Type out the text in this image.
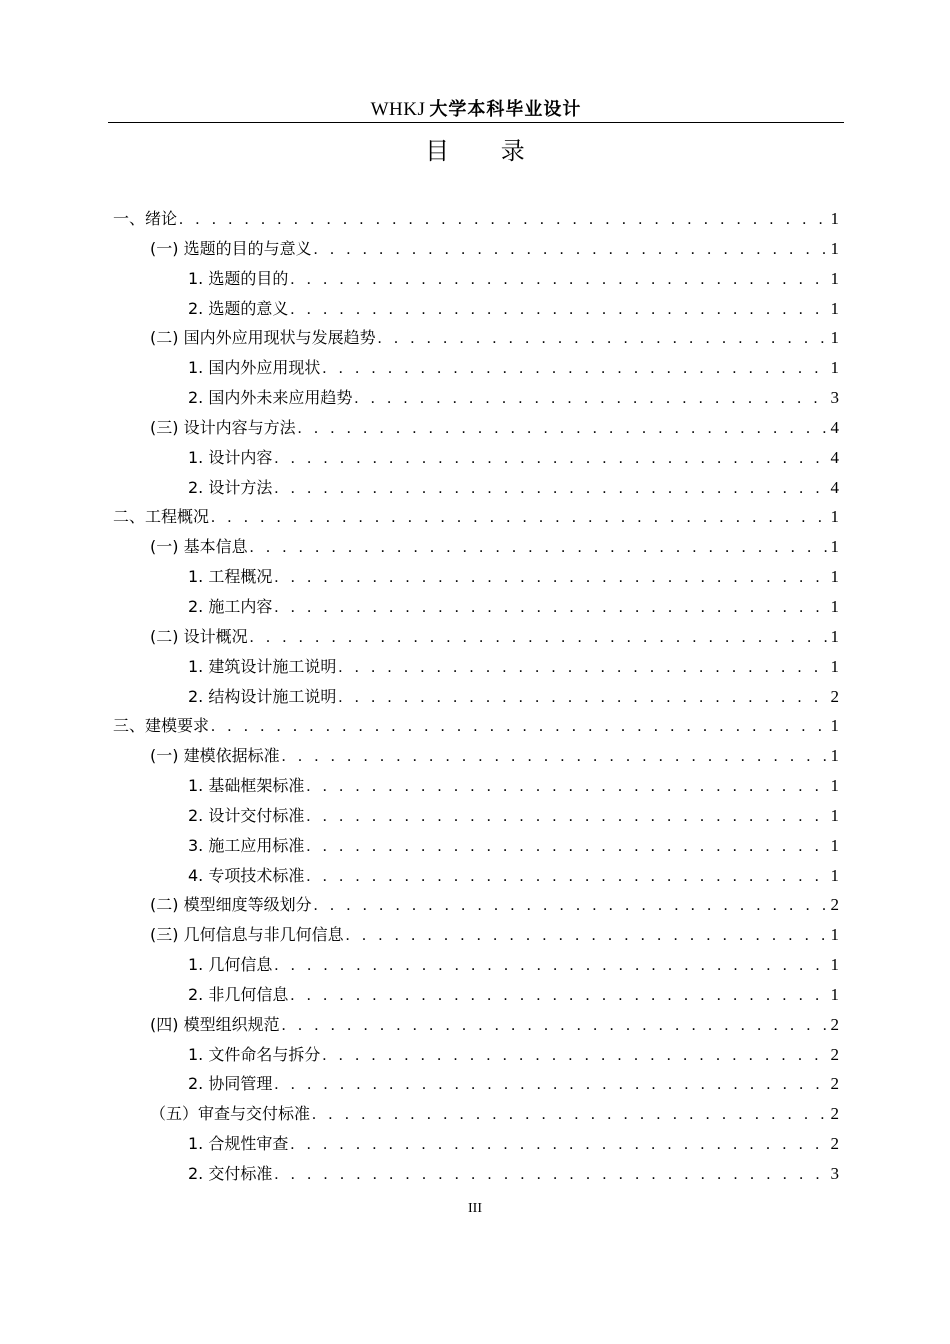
WHKJ 大学本科毕业设计
目 录
一、绪论 . . .	1
(一) 选题的目的与意义 . . .	1
1. 选题的目的 . . .	1
2. 选题的意义 . . .	1
(二) 国内外应用现状与发展趋势 . . .	1
1. 国内外应用现状 . . .	1
2. 国内外未来应用趋势 . . .	3
(三) 设计内容与方法 . . .	4
1. 设计内容 . . .	4
2. 设计方法 . . .	4
二、工程概况 . . .	1
(一) 基本信息 . . .	1
1. 工程概况 . . .	1
2. 施工内容 . . .	1
(二) 设计概况 . . .	1
1. 建筑设计施工说明 . . .	1
2. 结构设计施工说明 . . .	2
三、建模要求 . . .	1
(一) 建模依据标准 . . .	1
1. 基础框架标准 . . .	1
2. 设计交付标准 . . .	1
3. 施工应用标准 . . .	1
4. 专项技术标准 . . .	1
(二) 模型细度等级划分 . . .	2
(三) 几何信息与非几何信息 . . .	1
1. 几何信息 . . .	1
2. 非几何信息 . . .	1
(四) 模型组织规范 . . .	2
1. 文件命名与拆分 . . .	2
2. 协同管理 . . .	2
（五）审查与交付标准 . . .	2
1. 合规性审查 . . .	2
2. 交付标准 . . .	3
III
